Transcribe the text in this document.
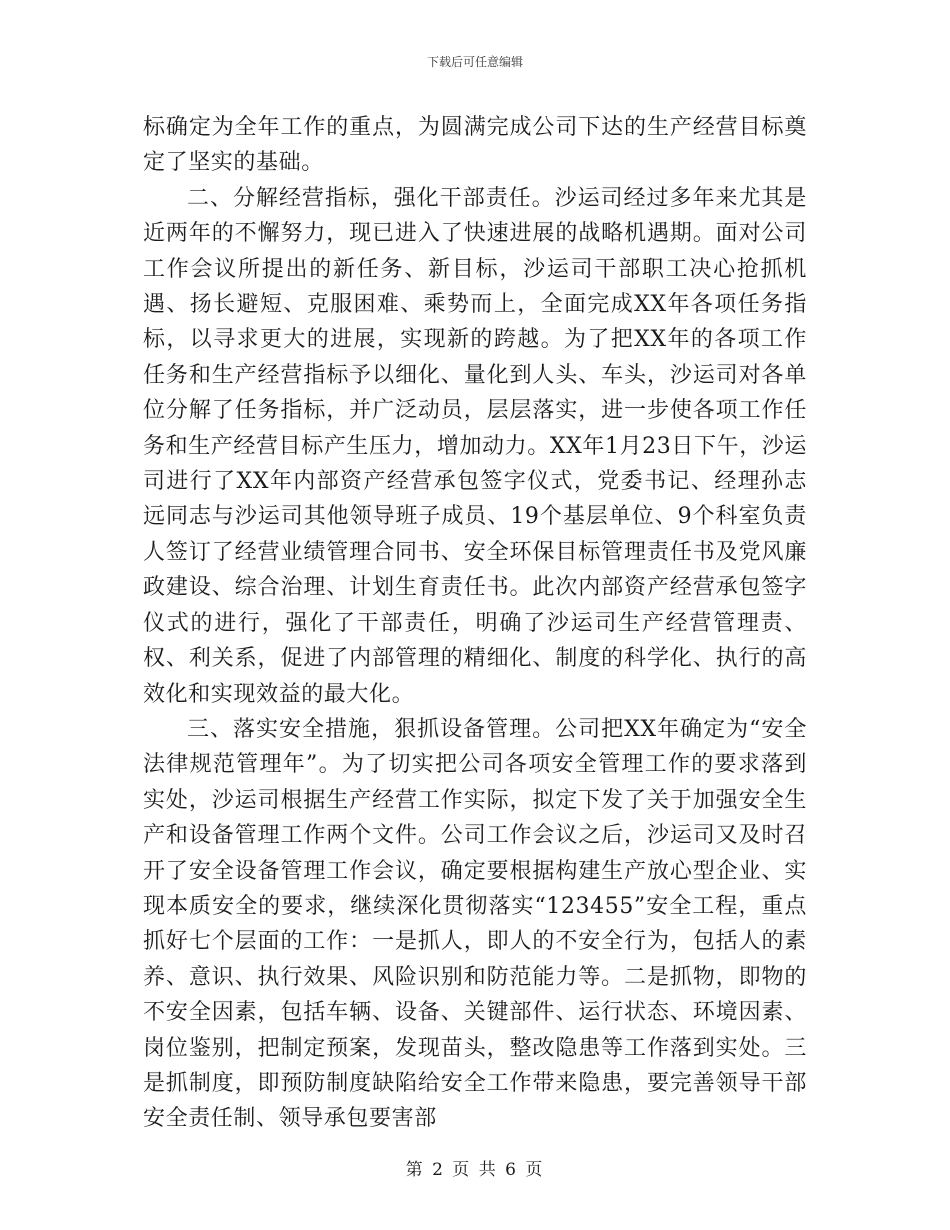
下载后可任意编辑

标确定为全年工作的重点，为圆满完成公司下达的生产经营目标奠定了坚实的基础。

二、分解经营指标，强化干部责任。沙运司经过多年来尤其是近两年的不懈努力，现已进入了快速进展的战略机遇期。面对公司工作会议所提出的新任务、新目标，沙运司干部职工决心抢抓机遇、扬长避短、克服困难、乘势而上，全面完成XX年各项任务指标，以寻求更大的进展，实现新的跨越。为了把XX年的各项工作任务和生产经营指标予以细化、量化到人头、车头，沙运司对各单位分解了任务指标，并广泛动员，层层落实，进一步使各项工作任务和生产经营目标产生压力，增加动力。XX年1月23日下午，沙运司进行了XX年内部资产经营承包签字仪式，党委书记、经理孙志远同志与沙运司其他领导班子成员、19个基层单位、9个科室负责人签订了经营业绩管理合同书、安全环保目标管理责任书及党风廉政建设、综合治理、计划生育责任书。此次内部资产经营承包签字仪式的进行，强化了干部责任，明确了沙运司生产经营管理责、权、利关系，促进了内部管理的精细化、制度的科学化、执行的高效化和实现效益的最大化。

三、落实安全措施，狠抓设备管理。公司把XX年确定为“安全法律规范管理年”。为了切实把公司各项安全管理工作的要求落到实处，沙运司根据生产经营工作实际，拟定下发了关于加强安全生产和设备管理工作两个文件。公司工作会议之后，沙运司又及时召开了安全设备管理工作会议，确定要根据构建生产放心型企业、实现本质安全的要求，继续深化贯彻落实“123455”安全工程，重点抓好七个层面的工作：一是抓人，即人的不安全行为，包括人的素养、意识、执行效果、风险识别和防范能力等。二是抓物，即物的不安全因素，包括车辆、设备、关键部件、运行状态、环境因素、岗位鉴别，把制定预案，发现苗头，整改隐患等工作落到实处。三是抓制度，即预防制度缺陷给安全工作带来隐患，要完善领导干部安全责任制、领导承包要害部

第 2 页 共 6 页
